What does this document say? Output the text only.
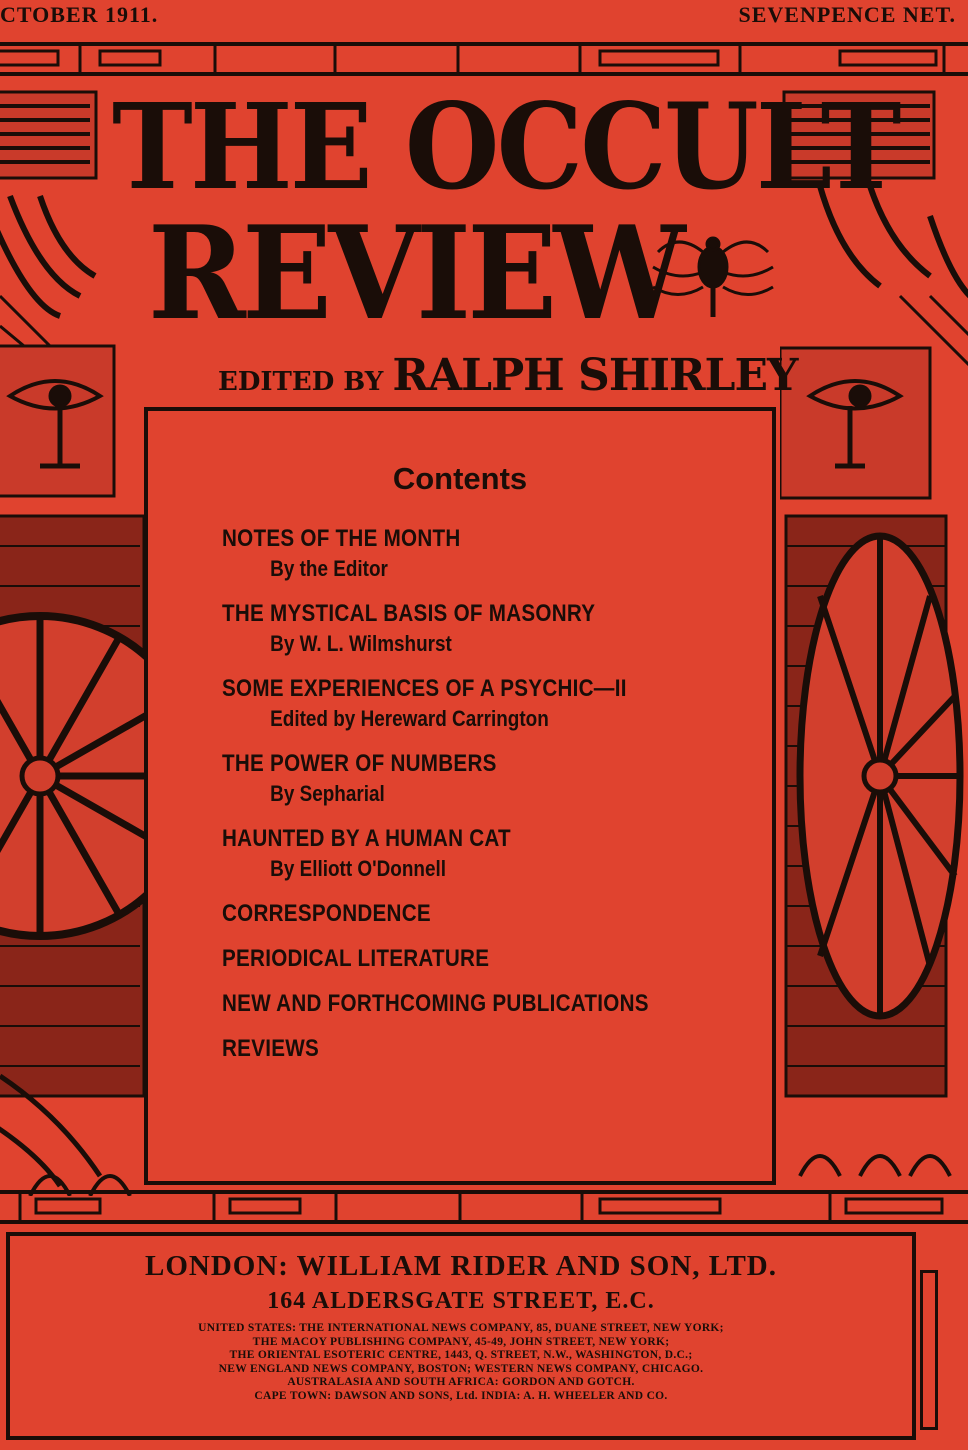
CTOBER 1911.	SEVENPENCE NET.
THE OCCULT
REVIEW
EDITED BY RALPH SHIRLEY
Contents
NOTES OF THE MONTH
By the Editor
THE MYSTICAL BASIS OF MASONRY
By W. L. Wilmshurst
SOME EXPERIENCES OF A PSYCHIC—II
Edited by Hereward Carrington
THE POWER OF NUMBERS
By Sepharial
HAUNTED BY A HUMAN CAT
By Elliott O'Donnell
CORRESPONDENCE
PERIODICAL LITERATURE
NEW AND FORTHCOMING PUBLICATIONS
REVIEWS
LONDON: WILLIAM RIDER AND SON, LTD.
164 ALDERSGATE STREET, E.C.
UNITED STATES: THE INTERNATIONAL NEWS COMPANY, 85, DUANE STREET, NEW YORK;
THE MACOY PUBLISHING COMPANY, 45-49, JOHN STREET, NEW YORK;
THE ORIENTAL ESOTERIC CENTRE, 1443, Q. STREET, N.W., WASHINGTON, D.C.;
NEW ENGLAND NEWS COMPANY, BOSTON; WESTERN NEWS COMPANY, CHICAGO.
AUSTRALASIA AND SOUTH AFRICA: GORDON AND GOTCH.
CAPE TOWN: DAWSON AND SONS, Ltd. INDIA: A. H. WHEELER AND CO.
